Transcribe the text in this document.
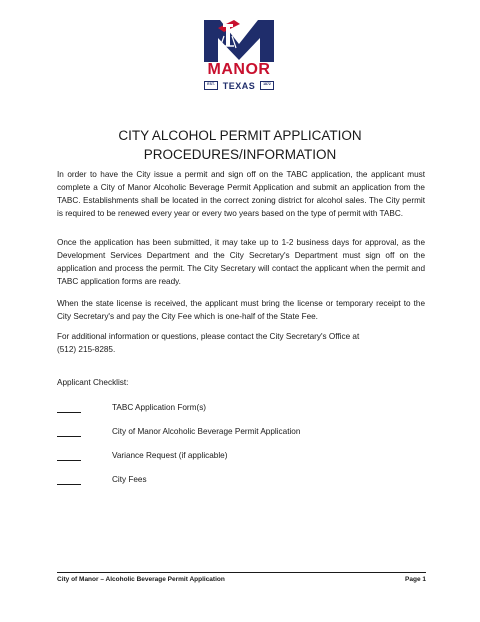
MANOR
EST. TEXAS	1872
CITY ALCOHOL PERMIT APPLICATION
PROCEDURES/INFORMATION

In order to have the City issue a permit and sign off on the TABC application, the applicant must complete a City of Manor Alcoholic Beverage Permit Application and submit an application from the TABC. Establishments shall be located in the correct zoning district for alcohol sales. The City permit is required to be renewed every year or every two years based on the type of permit with TABC.

Once the application has been submitted, it may take up to 1-2 business days for approval, as the Development Services Department and the City Secretary's Department must sign off on the application and process the permit. The City Secretary will contact the applicant when the permit and TABC application forms are ready.

When the state license is received, the applicant must bring the license or temporary receipt to the City Secretary's and pay the City Fee which is one-half of the State Fee.

For additional information or questions, please contact the City Secretary's Office at
(512) 215-8285.
Applicant Checklist:
TABC Application Form(s)
City of Manor Alcoholic Beverage Permit Application
Variance Request (if applicable)
City Fees
City of Manor – Alcoholic Beverage Permit Application	Page 1
